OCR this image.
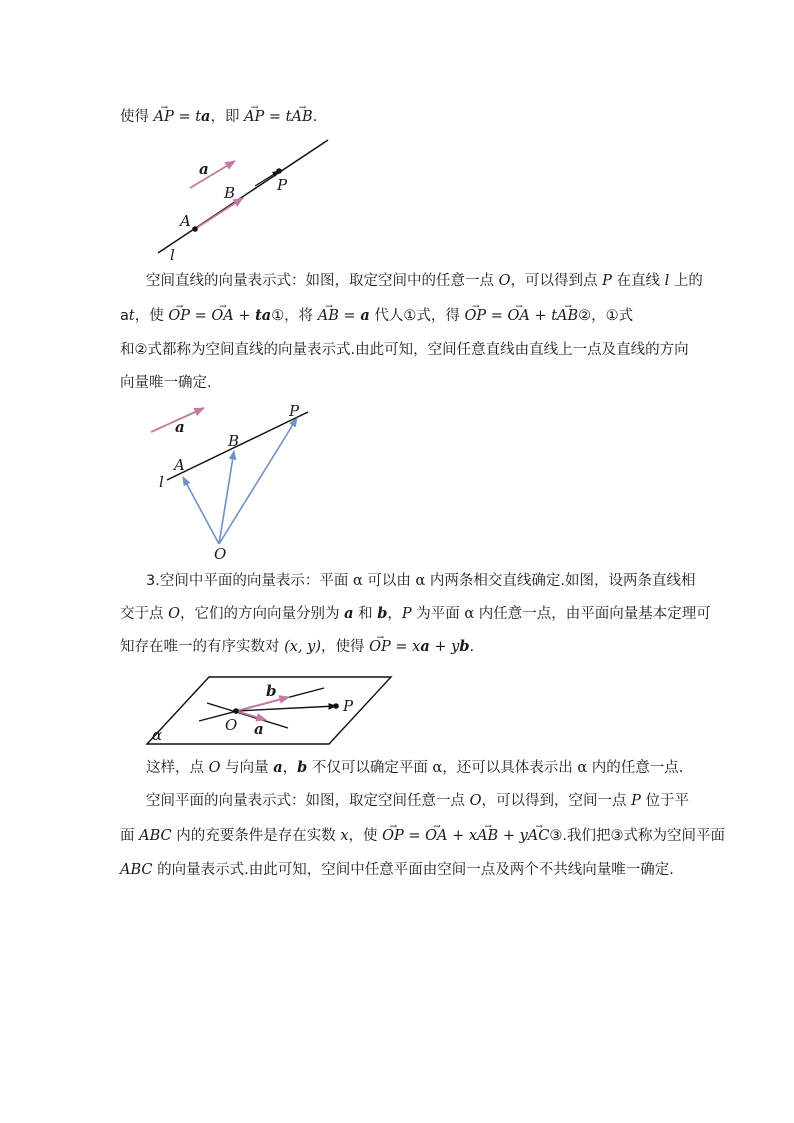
使得 → AP = ta，即 → AP = t→ AB.
a
B	P
A
l
空间直线的向量表示式：如图，取定空间中的任意一点 O，可以得到点 P 在直线 l 上的
at，使 → OP = → OA + ta①，将 → AB = a 代人①式，得 → OP = → OA + t→ AB②，①式
和②式都称为空间直线的向量表示式.由此可知，空间任意直线由直线上一点及直线的方向
向量唯一确定.
a
P
B
A
l
O
3.空间中平面的向量表示：平面 α 可以由 α 内两条相交直线确定.如图，设两条直线相
交于点 O，它们的方向向量分别为 a 和 b，P 为平面 α 内任意一点，由平面向量基本定理可
知存在唯一的有序实数对 (x, y)，使得 → OP = xa + yb.
b
P
O a
α
这样，点 O 与向量 a，b 不仅可以确定平面 α，还可以具体表示出 α 内的任意一点.
空间平面的向量表示式：如图，取定空间任意一点 O，可以得到，空间一点 P 位于平
面 ABC 内的充要条件是存在实数 x，使 → OP = → OA + x→ AB + y→ AC③.我们把③式称为空间平面
ABC 的向量表示式.由此可知，空间中任意平面由空间一点及两个不共线向量唯一确定.
